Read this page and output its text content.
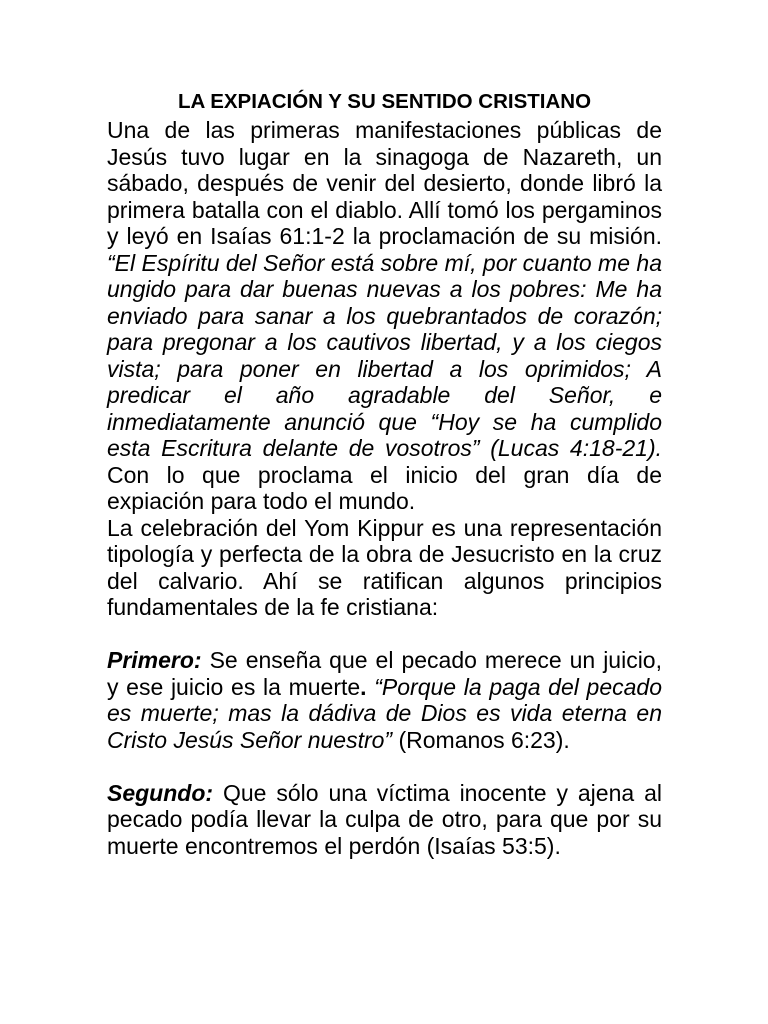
LA EXPIACIÓN Y SU SENTIDO CRISTIANO

Una de las primeras manifestaciones públicas de Jesús tuvo lugar en la sinagoga de Nazareth, un sábado, después de venir del desierto, donde libró la primera batalla con el diablo. Allí tomó los pergaminos y leyó en Isaías 61:1-2 la proclamación de su misión. “El Espíritu del Señor está sobre mí, por cuanto me ha ungido para dar buenas nuevas a los pobres: Me ha enviado para sanar a los quebrantados de corazón; para pregonar a los cautivos libertad, y a los ciegos vista; para poner en libertad a los oprimidos; A predicar el año agradable del Señor, e inmediatamente anunció que “Hoy se ha cumplido esta Escritura delante de vosotros” (Lucas 4:18-21). Con lo que proclama el inicio del gran día de expiación para todo el mundo.

La celebración del Yom Kippur es una representación tipología y perfecta de la obra de Jesucristo en la cruz del calvario. Ahí se ratifican algunos principios fundamentales de la fe cristiana:

Primero: Se enseña que el pecado merece un juicio, y ese juicio es la muerte. “Porque la paga del pecado es muerte; mas la dádiva de Dios es vida eterna en Cristo Jesús Señor nuestro” (Romanos 6:23).

Segundo: Que sólo una víctima inocente y ajena al pecado podía llevar la culpa de otro, para que por su muerte encontremos el perdón (Isaías 53:5).
